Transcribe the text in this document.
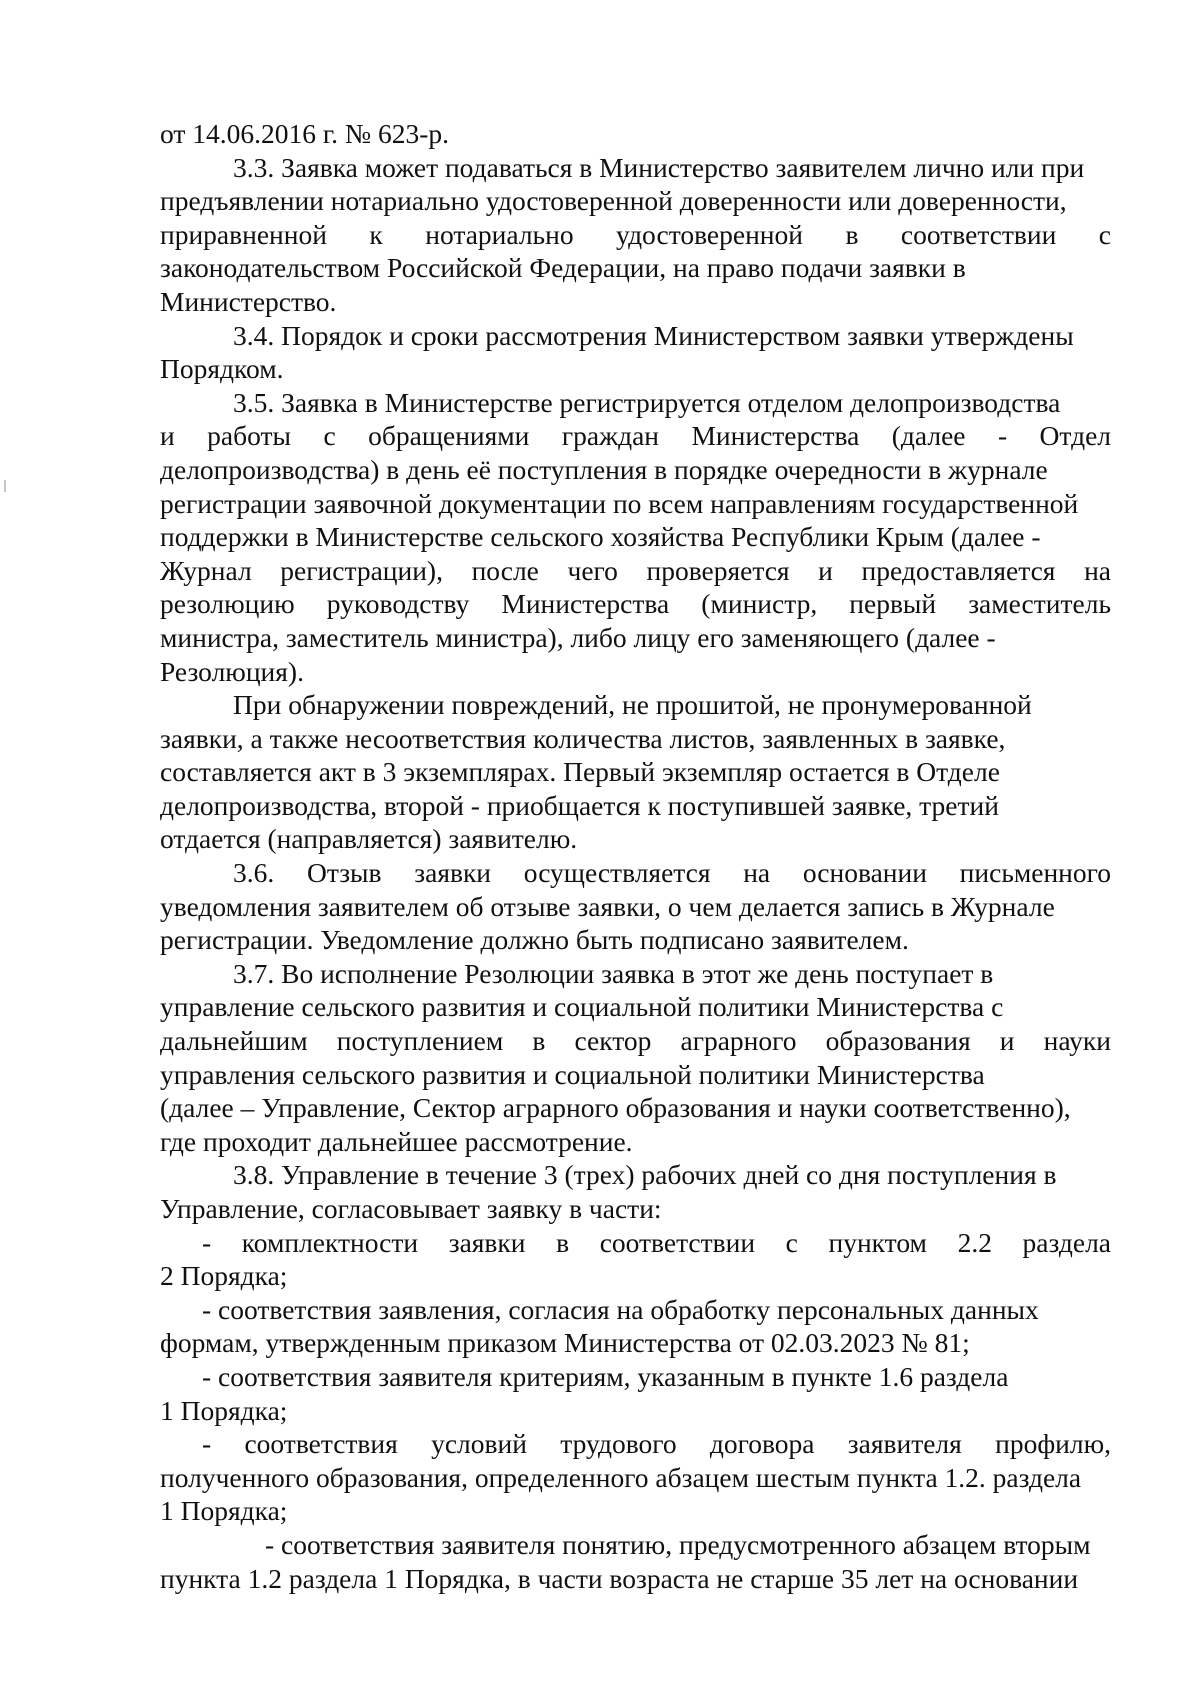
от 14.06.2016 г. № 623-р.
3.3. Заявка может подаваться в Министерство заявителем лично или при
предъявлении нотариально удостоверенной доверенности или доверенности,
приравненной к нотариально удостоверенной в соответствии с
законодательством Российской Федерации, на право подачи заявки в
Министерство.
3.4. Порядок и сроки рассмотрения Министерством заявки утверждены
Порядком.
3.5. Заявка в Министерстве регистрируется отделом делопроизводства
и работы с обращениями граждан Министерства (далее - Отдел
делопроизводства) в день её поступления в порядке очередности в журнале
регистрации заявочной документации по всем направлениям государственной
поддержки в Министерстве сельского хозяйства Республики Крым (далее -
Журнал регистрации), после чего проверяется и предоставляется на
резолюцию руководству Министерства (министр, первый заместитель
министра, заместитель министра), либо лицу его заменяющего (далее -
Резолюция).
При обнаружении повреждений, не прошитой, не пронумерованной
заявки, а также несоответствия количества листов, заявленных в заявке,
составляется акт в 3 экземплярах. Первый экземпляр остается в Отделе
делопроизводства, второй - приобщается к поступившей заявке, третий
отдается (направляется) заявителю.
3.6. Отзыв заявки осуществляется на основании письменного
уведомления заявителем об отзыве заявки, о чем делается запись в Журнале
регистрации. Уведомление должно быть подписано заявителем.
3.7. Во исполнение Резолюции заявка в этот же день поступает в
управление сельского развития и социальной политики Министерства с
дальнейшим поступлением в сектор аграрного образования и науки
управления сельского развития и социальной политики Министерства
(далее – Управление, Сектор аграрного образования и науки соответственно),
где проходит дальнейшее рассмотрение.
3.8. Управление в течение 3 (трех) рабочих дней со дня поступления в
Управление, согласовывает заявку в части:
- комплектности заявки в соответствии с пунктом 2.2 раздела
2 Порядка;
- соответствия заявления, согласия на обработку персональных данных
формам, утвержденным приказом Министерства от 02.03.2023 № 81;
- соответствия заявителя критериям, указанным в пункте 1.6 раздела
1 Порядка;
- соответствия условий трудового договора заявителя профилю,
полученного образования, определенного абзацем шестым пункта 1.2. раздела
1 Порядка;
- соответствия заявителя понятию, предусмотренного абзацем вторым
пункта 1.2 раздела 1 Порядка, в части возраста не старше 35 лет на основании
